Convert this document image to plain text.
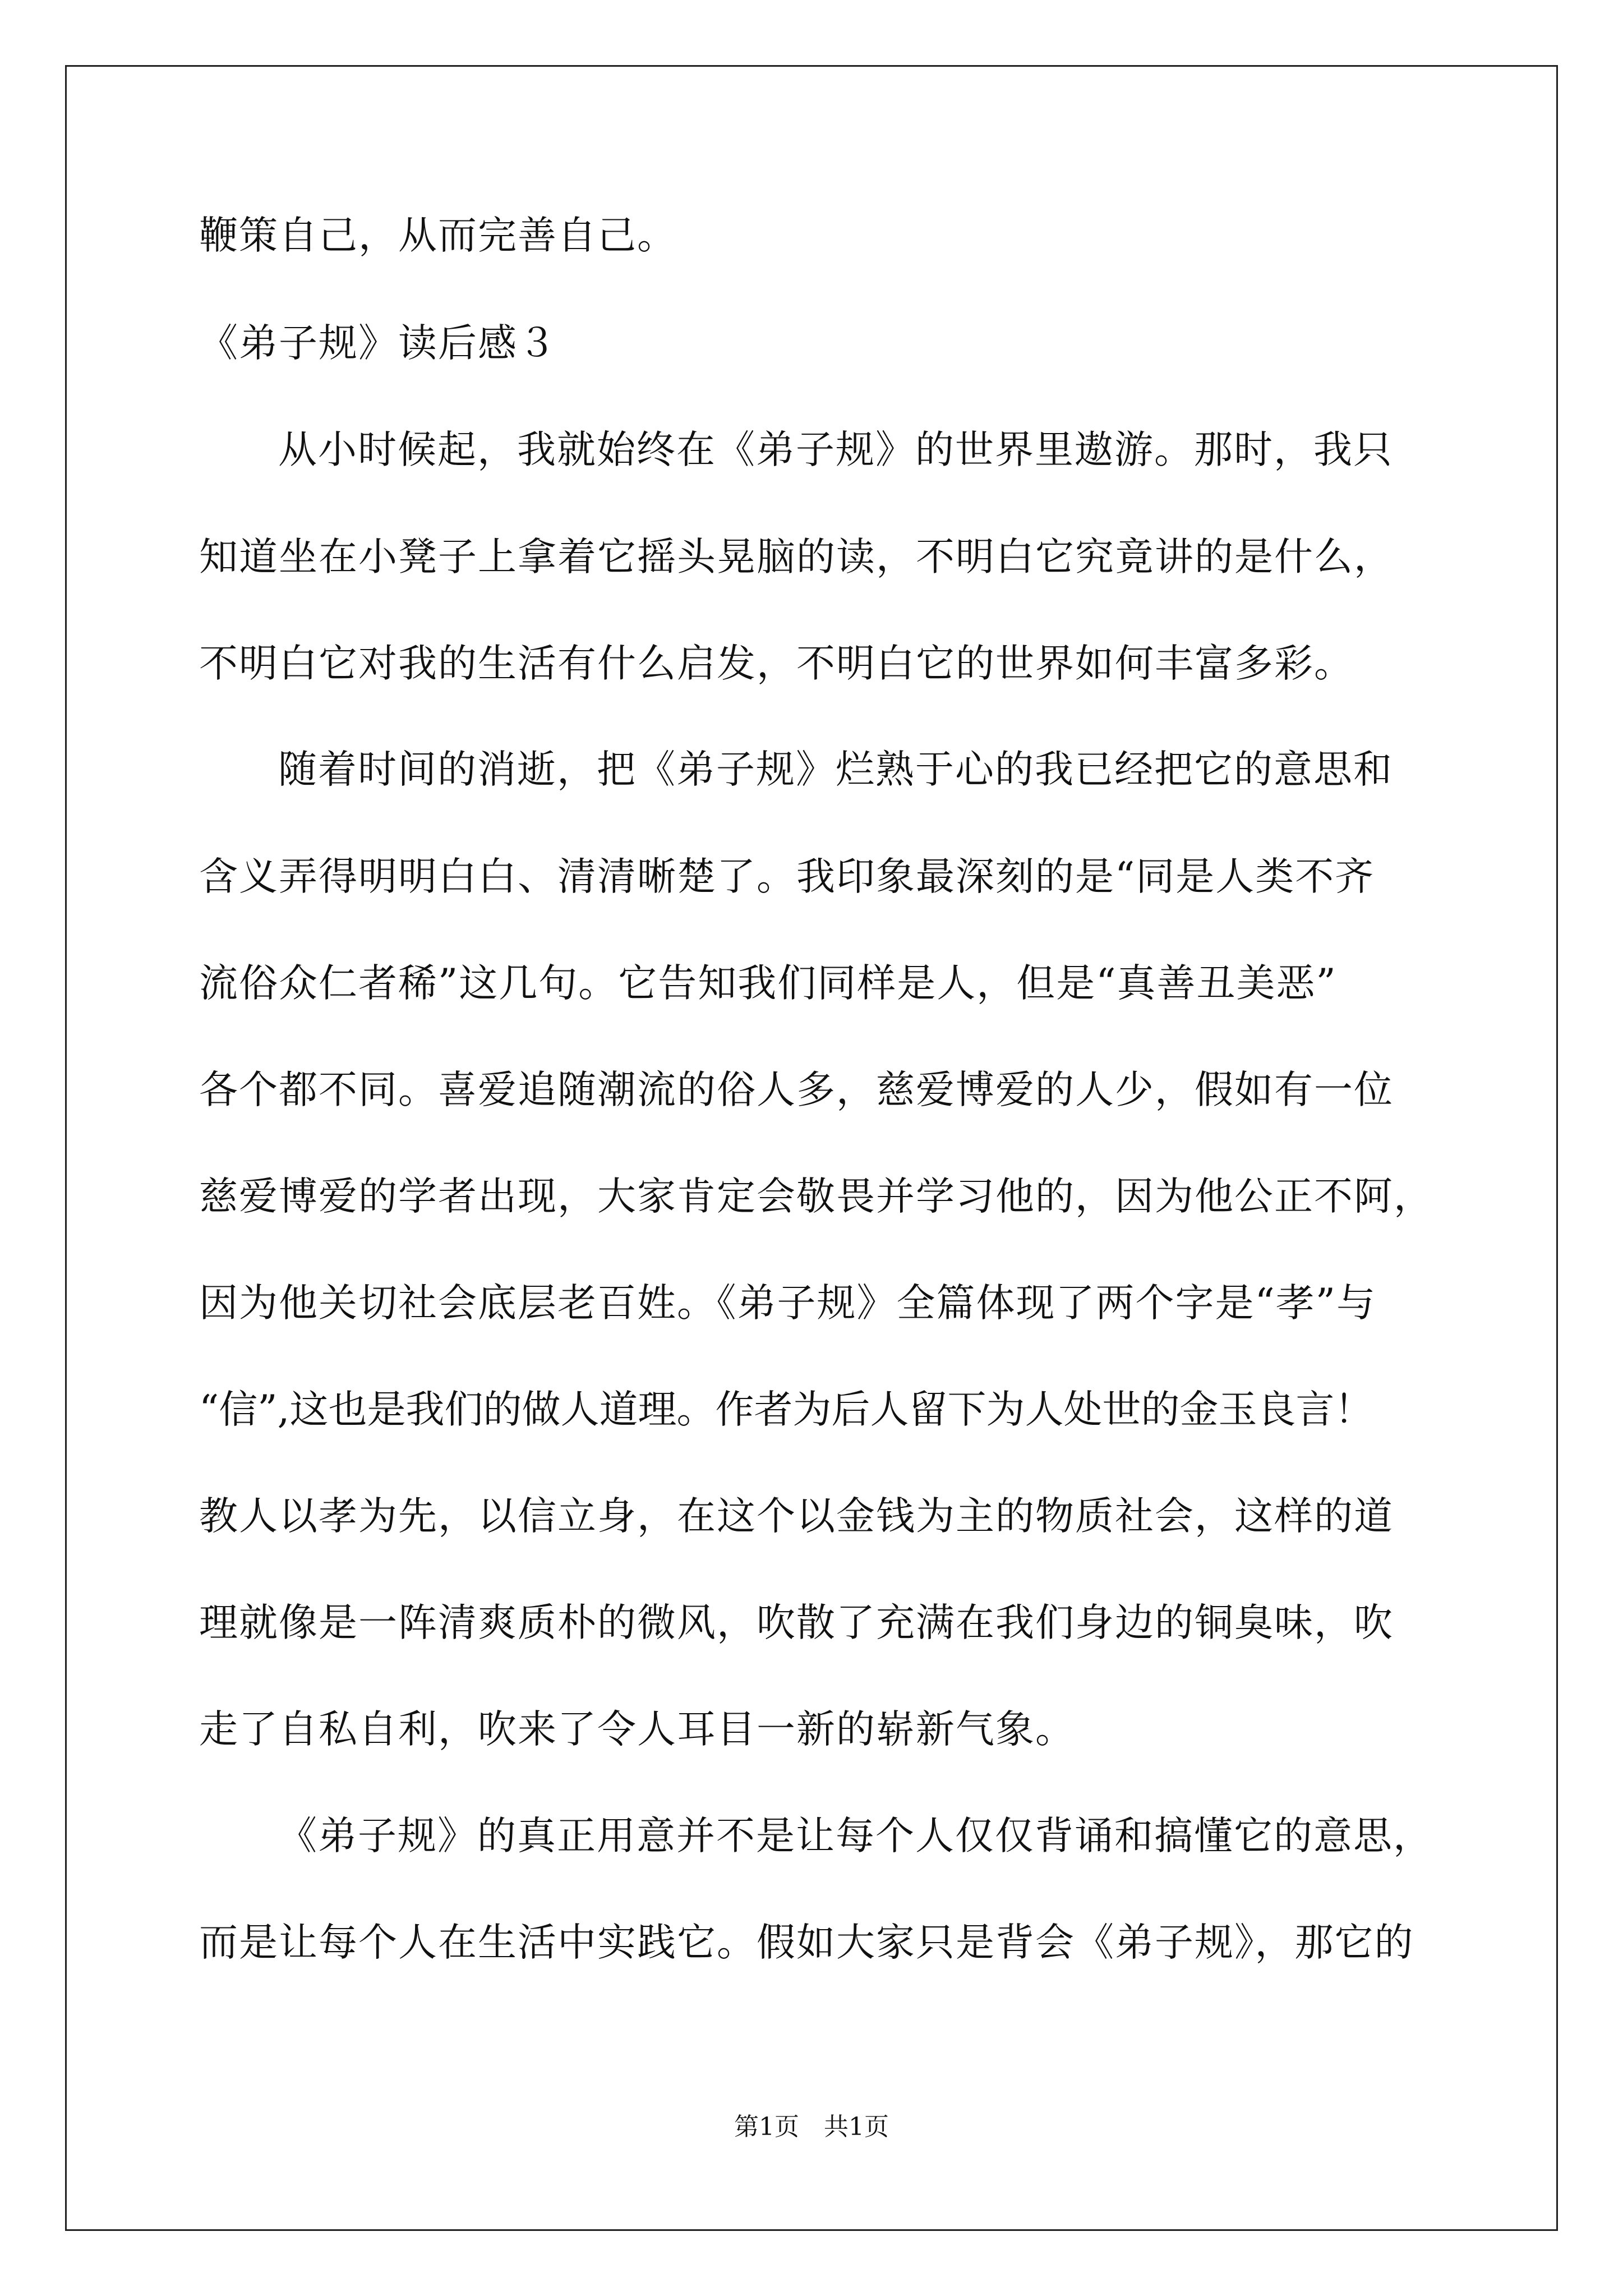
鞭策自己，从而完善自己。
《弟子规》读后感３
从小时候起，我就始终在《弟子规》的世界里遨游。那时，我只
知道坐在小凳子上拿着它摇头晃脑的读，不明白它究竟讲的是什么，
不明白它对我的生活有什么启发，不明白它的世界如何丰富多彩。
随着时间的消逝，把《弟子规》烂熟于心的我已经把它的意思和
含义弄得明明白白、清清晰楚了。我印象最深刻的是“同是人类不齐
流俗众仁者稀”这几句。它告知我们同样是人，但是“真善丑美恶”
各个都不同。喜爱追随潮流的俗人多，慈爱博爱的人少，假如有一位
慈爱博爱的学者出现，大家肯定会敬畏并学习他的，因为他公正不阿，
因为他关切社会底层老百姓。《弟子规》全篇体现了两个字是“孝”与
“信”,这也是我们的做人道理。作者为后人留下为人处世的金玉良言！
教人以孝为先，以信立身，在这个以金钱为主的物质社会，这样的道
理就像是一阵清爽质朴的微风，吹散了充满在我们身边的铜臭味，吹
走了自私自利，吹来了令人耳目一新的崭新气象。
《弟子规》的真正用意并不是让每个人仅仅背诵和搞懂它的意思，
而是让每个人在生活中实践它。假如大家只是背会《弟子规》，那它的
第1页　共1页
